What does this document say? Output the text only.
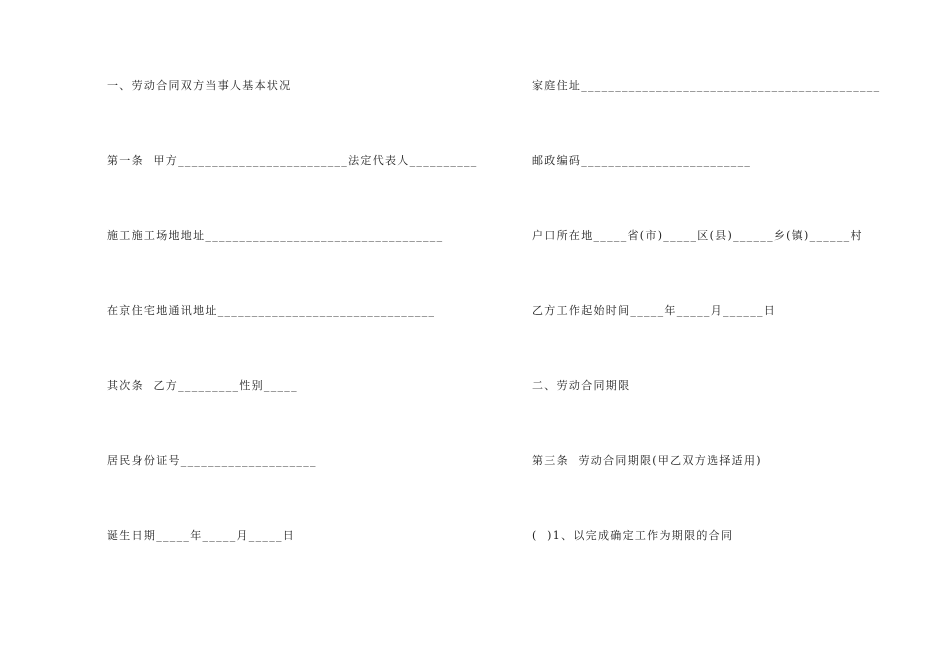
一、劳动合同双方当事人基本状况
第一条  甲方_________________________法定代表人__________
施工施工场地地址___________________________________
在京住宅地通讯地址________________________________
其次条  乙方_________性别_____
居民身份证号____________________
诞生日期_____年_____月_____日
家庭住址____________________________________________
邮政编码_________________________
户口所在地_____省(市)_____区(县)______乡(镇)______村
乙方工作起始时间_____年_____月______日
二、劳动合同期限
第三条  劳动合同期限(甲乙双方选择适用)
(  )1、以完成确定工作为期限的合同
